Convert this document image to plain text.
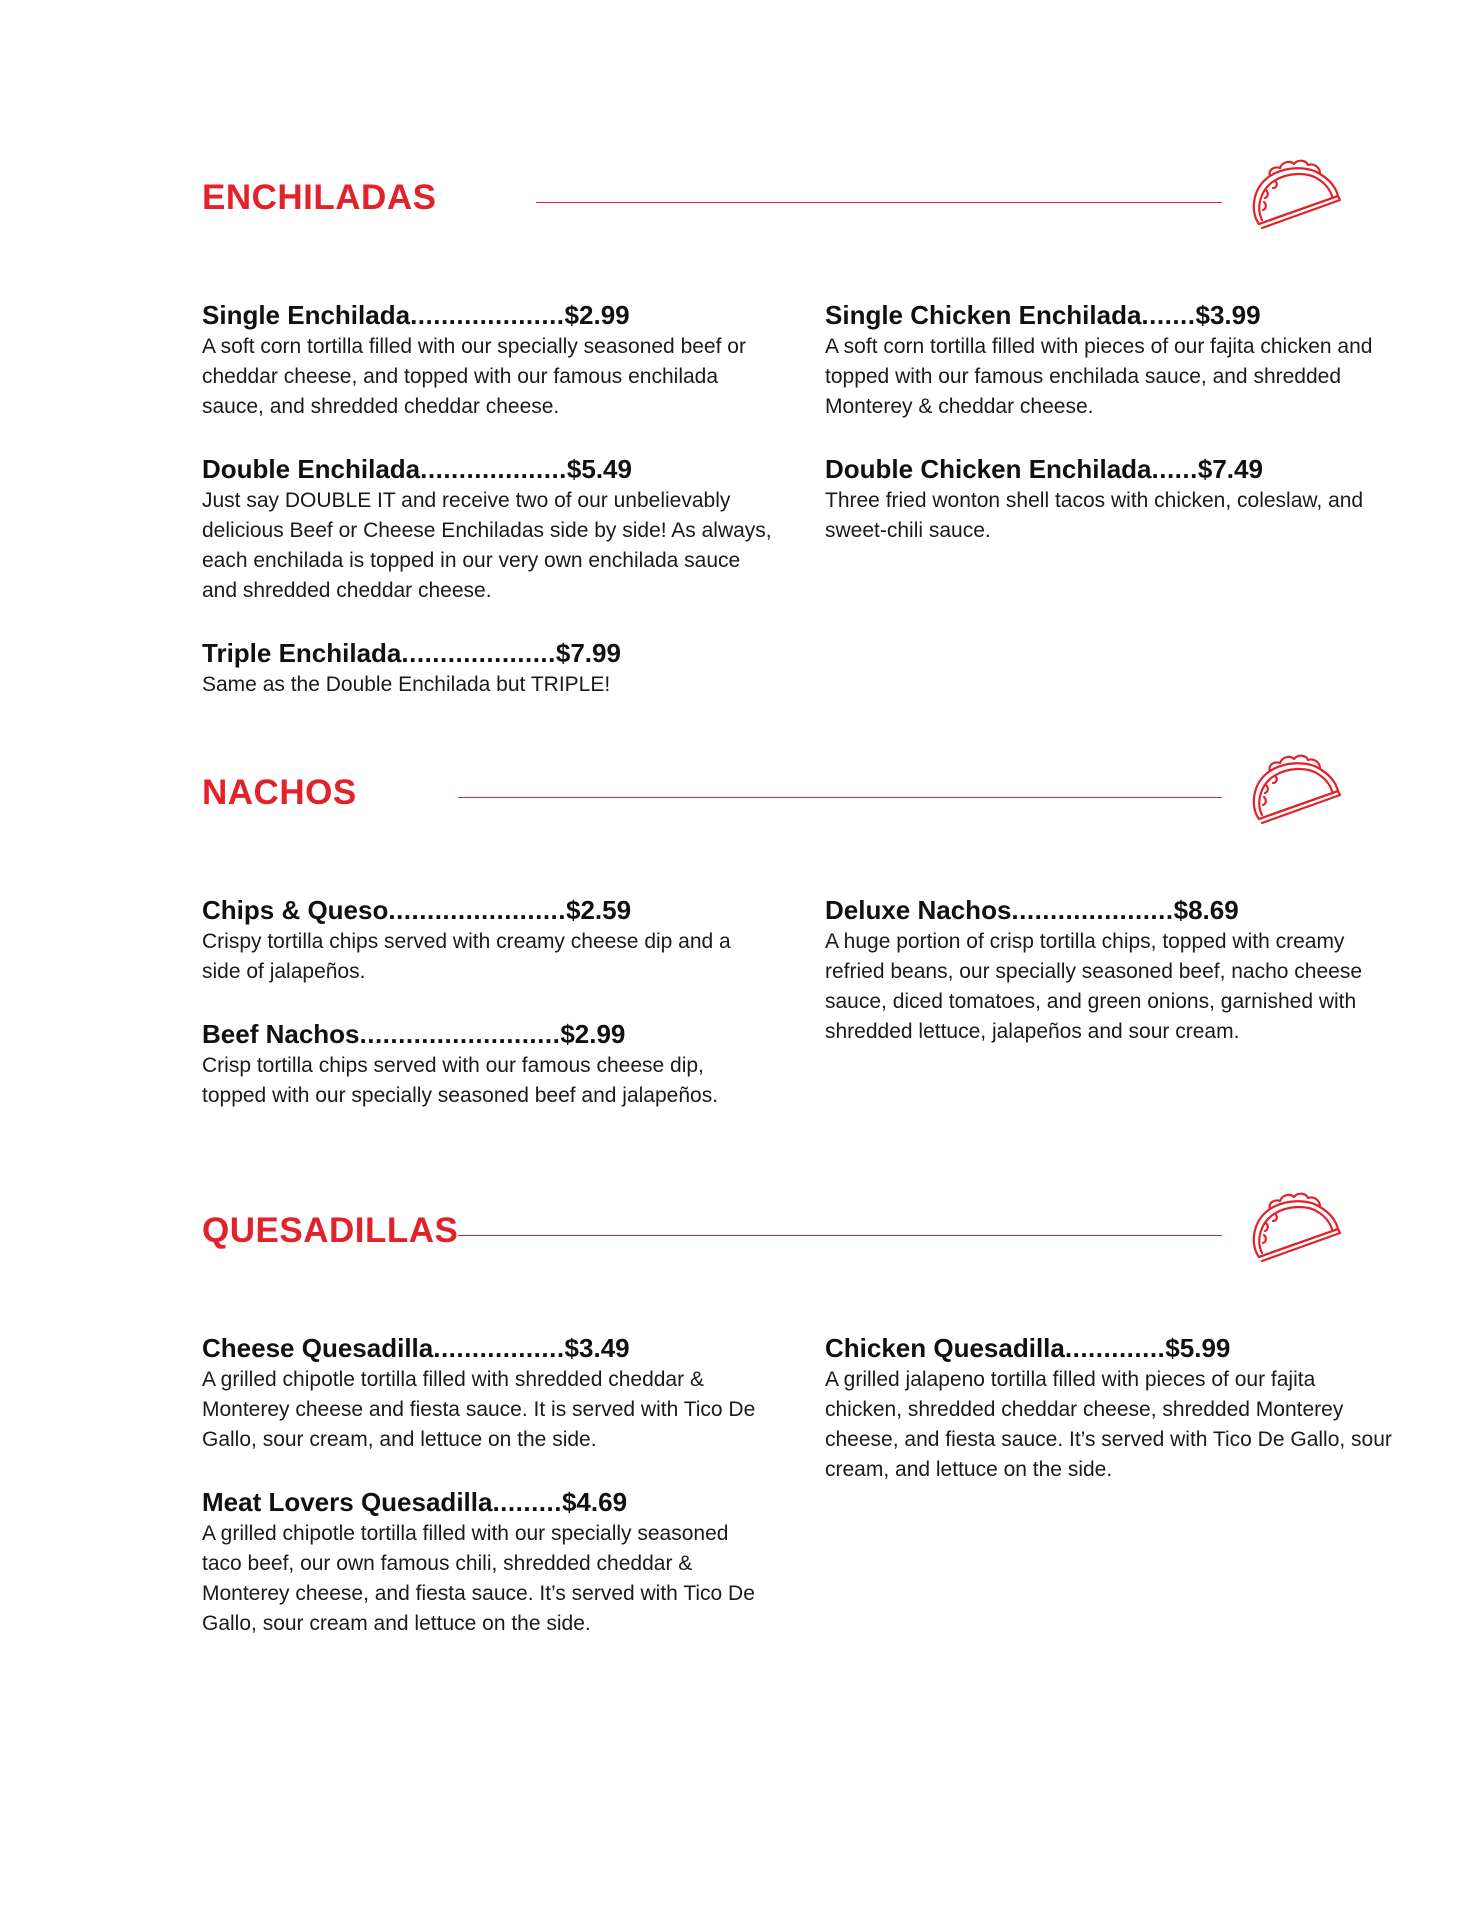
ENCHILADAS
Single Enchilada .................... $2.99
A soft corn tortilla filled with our specially seasoned beef or cheddar cheese, and topped with our famous enchilada sauce, and shredded cheddar cheese.
Double Enchilada ................... $5.49
Just say DOUBLE IT and receive two of our unbelievably delicious Beef or Cheese Enchiladas side by side! As always, each enchilada is topped in our very own enchilada sauce and shredded cheddar cheese.
Triple Enchilada .................... $7.99
Same as the Double Enchilada but TRIPLE!
Single Chicken Enchilada ....... $3.99
A soft corn tortilla filled with pieces of our fajita chicken and topped with our famous enchilada sauce, and shredded Monterey & cheddar cheese.
Double Chicken Enchilada ...... $7.49
Three fried wonton shell tacos with chicken, coleslaw, and sweet-chili sauce.
NACHOS
Chips & Queso ....................... $2.59
Crispy tortilla chips served with creamy cheese dip and a side of jalapeños.
Beef Nachos .......................... $2.99
Crisp tortilla chips served with our famous cheese dip, topped with our specially seasoned beef and jalapeños.
Deluxe Nachos ..................... $8.69
A huge portion of crisp tortilla chips, topped with creamy refried beans, our specially seasoned beef, nacho cheese sauce, diced tomatoes, and green onions, garnished with shredded lettuce, jalapeños and sour cream.
QUESADILLAS
Cheese Quesadilla ................. $3.49
A grilled chipotle tortilla filled with shredded cheddar & Monterey cheese and fiesta sauce. It is served with Tico De Gallo, sour cream, and lettuce on the side.
Meat Lovers Quesadilla ......... $4.69
A grilled chipotle tortilla filled with our specially seasoned taco beef, our own famous chili, shredded cheddar & Monterey cheese, and fiesta sauce. It’s served with Tico De Gallo, sour cream and lettuce on the side.
Chicken Quesadilla ............. $5.99
A grilled jalapeno tortilla filled with pieces of our fajita chicken, shredded cheddar cheese, shredded Monterey cheese, and fiesta sauce. It’s served with Tico De Gallo, sour cream, and lettuce on the side.
